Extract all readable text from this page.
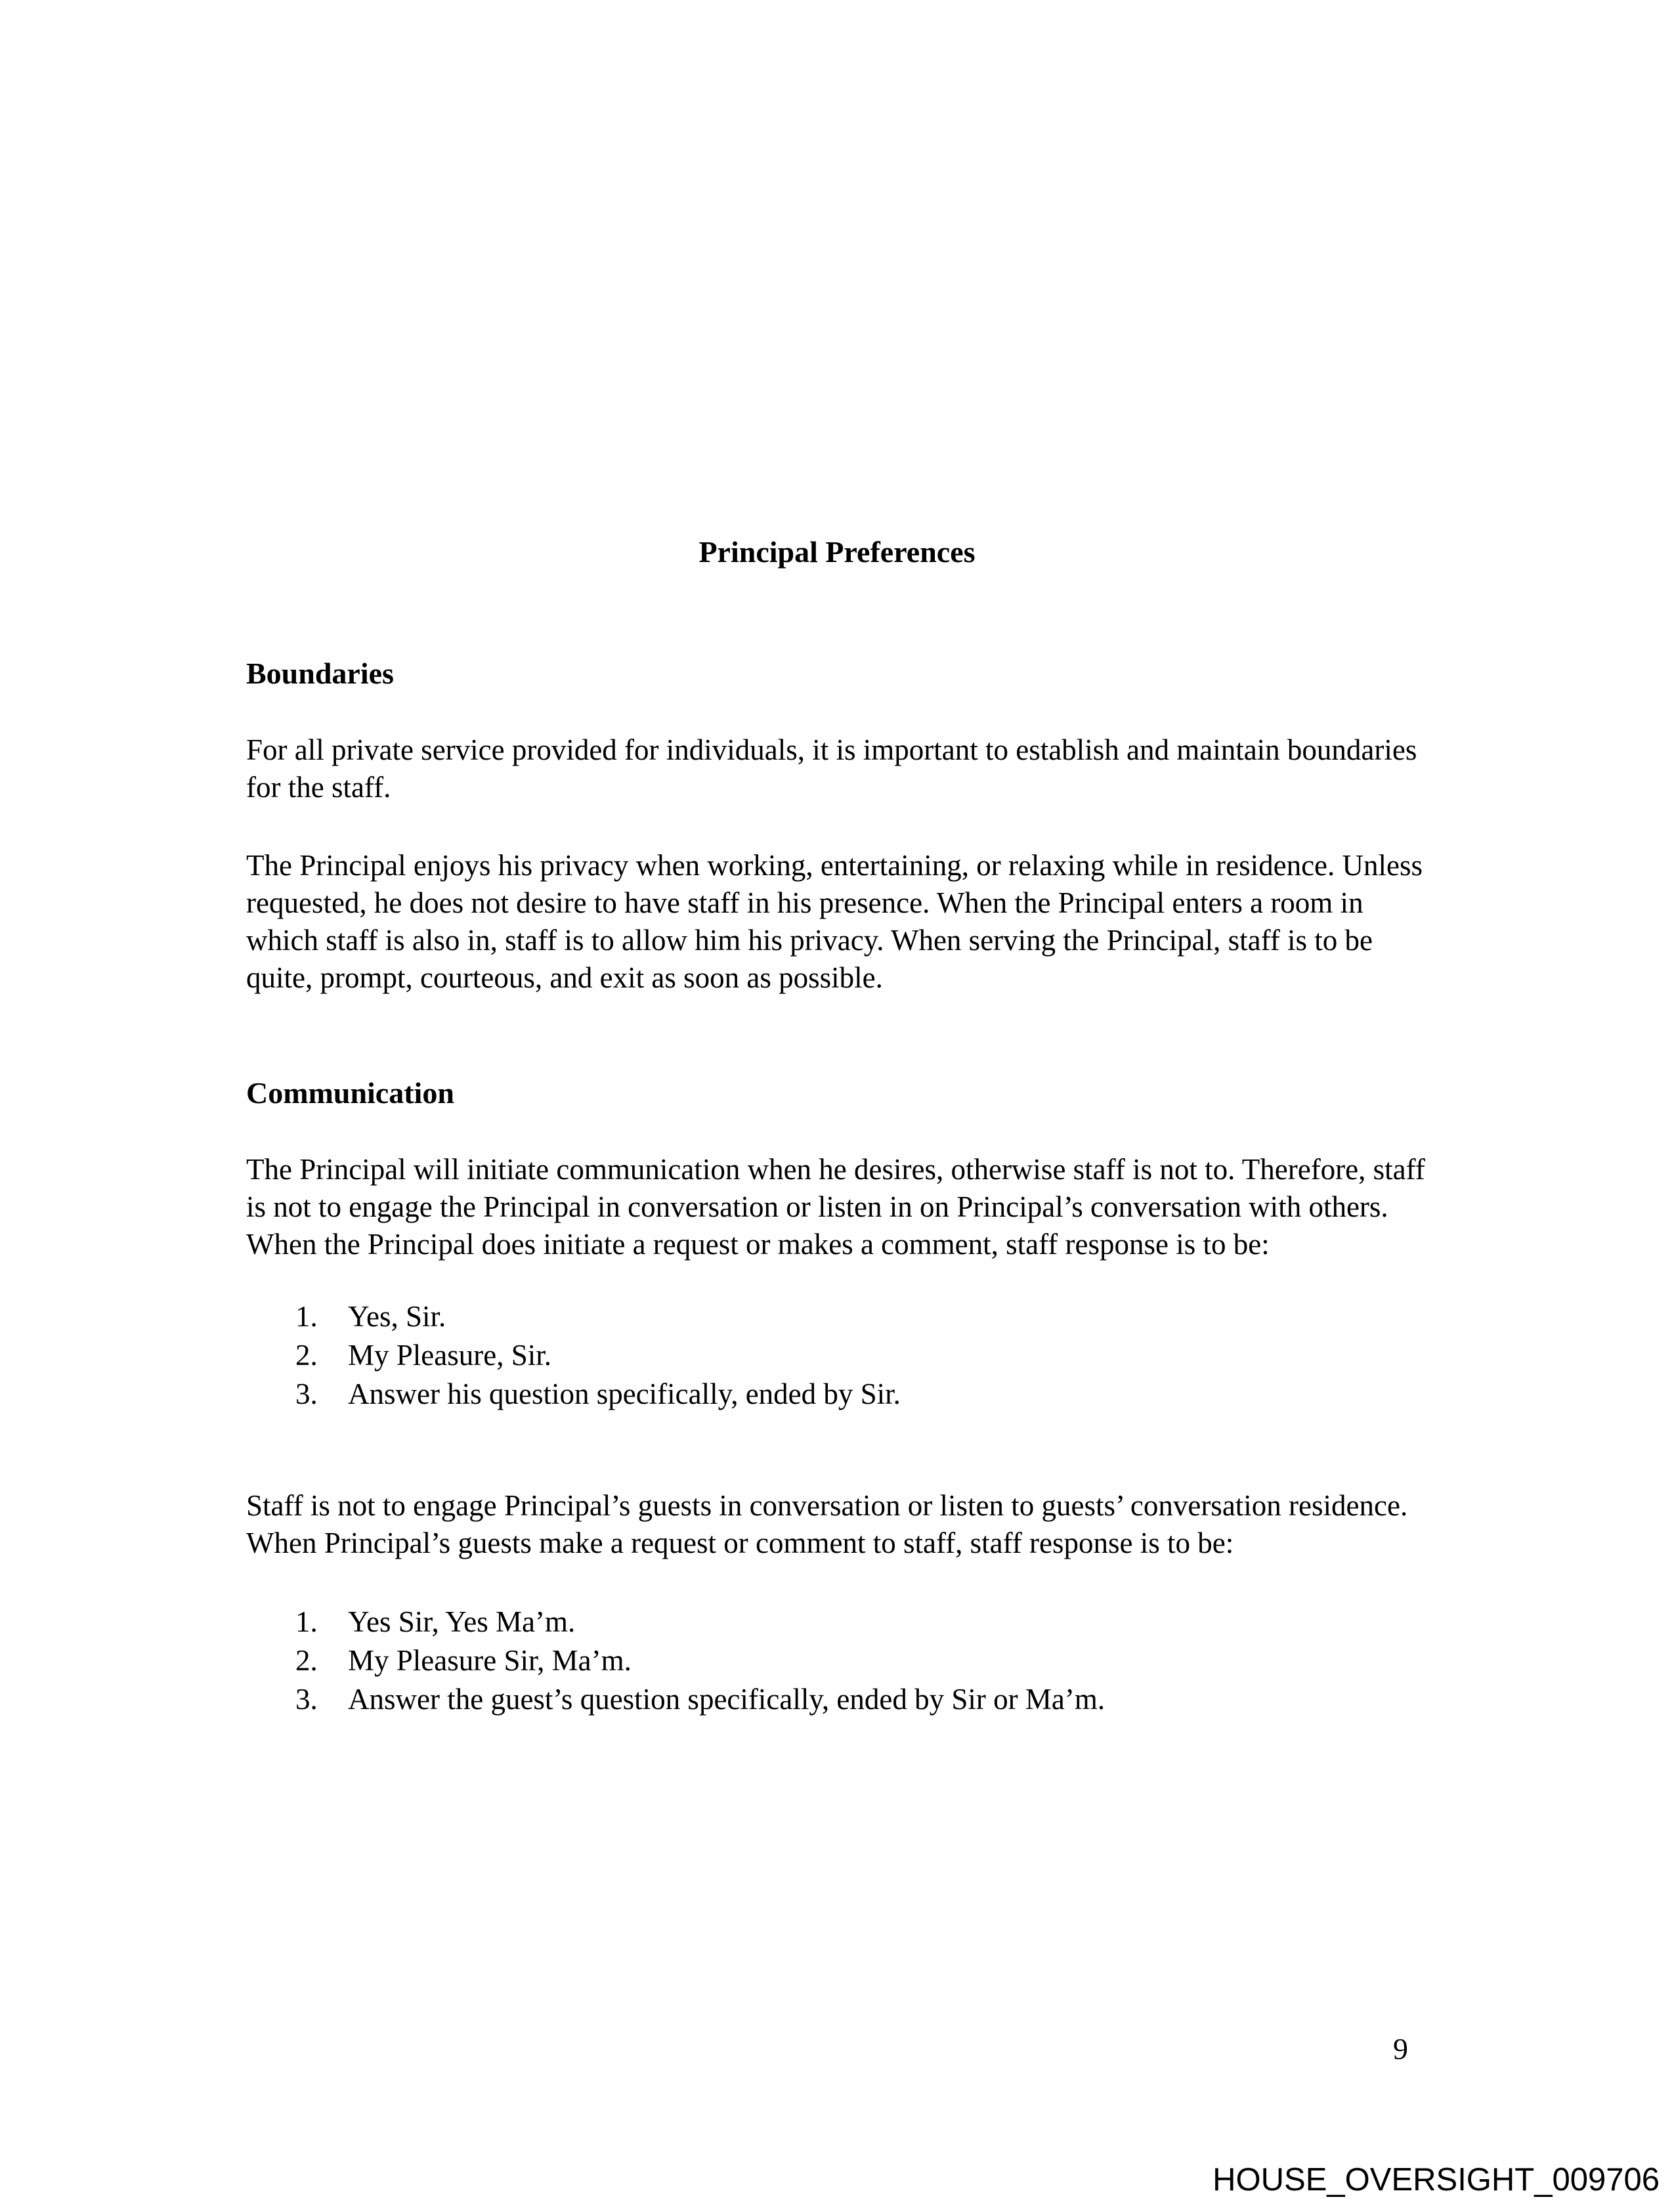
Principal Preferences
Boundaries

For all private service provided for individuals, it is important to establish and maintain boundaries for the staff.

The Principal enjoys his privacy when working, entertaining, or relaxing while in residence. Unless requested, he does not desire to have staff in his presence. When the Principal enters a room in which staff is also in, staff is to allow him his privacy. When serving the Principal, staff is to be quite, prompt, courteous, and exit as soon as possible.

Communication

The Principal will initiate communication when he desires, otherwise staff is not to. Therefore, staff is not to engage the Principal in conversation or listen in on Principal’s conversation with others. When the Principal does initiate a request or makes a comment, staff response is to be:

1.	Yes, Sir.
2.	My Pleasure, Sir.
3.	Answer his question specifically, ended by Sir.

Staff is not to engage Principal’s guests in conversation or listen to guests’ conversation residence. When Principal’s guests make a request or comment to staff, staff response is to be:

1.	Yes Sir, Yes Ma’m.
2.	My Pleasure Sir, Ma’m.
3.	Answer the guest’s question specifically, ended by Sir or Ma’m.
9
HOUSE_OVERSIGHT_009706
